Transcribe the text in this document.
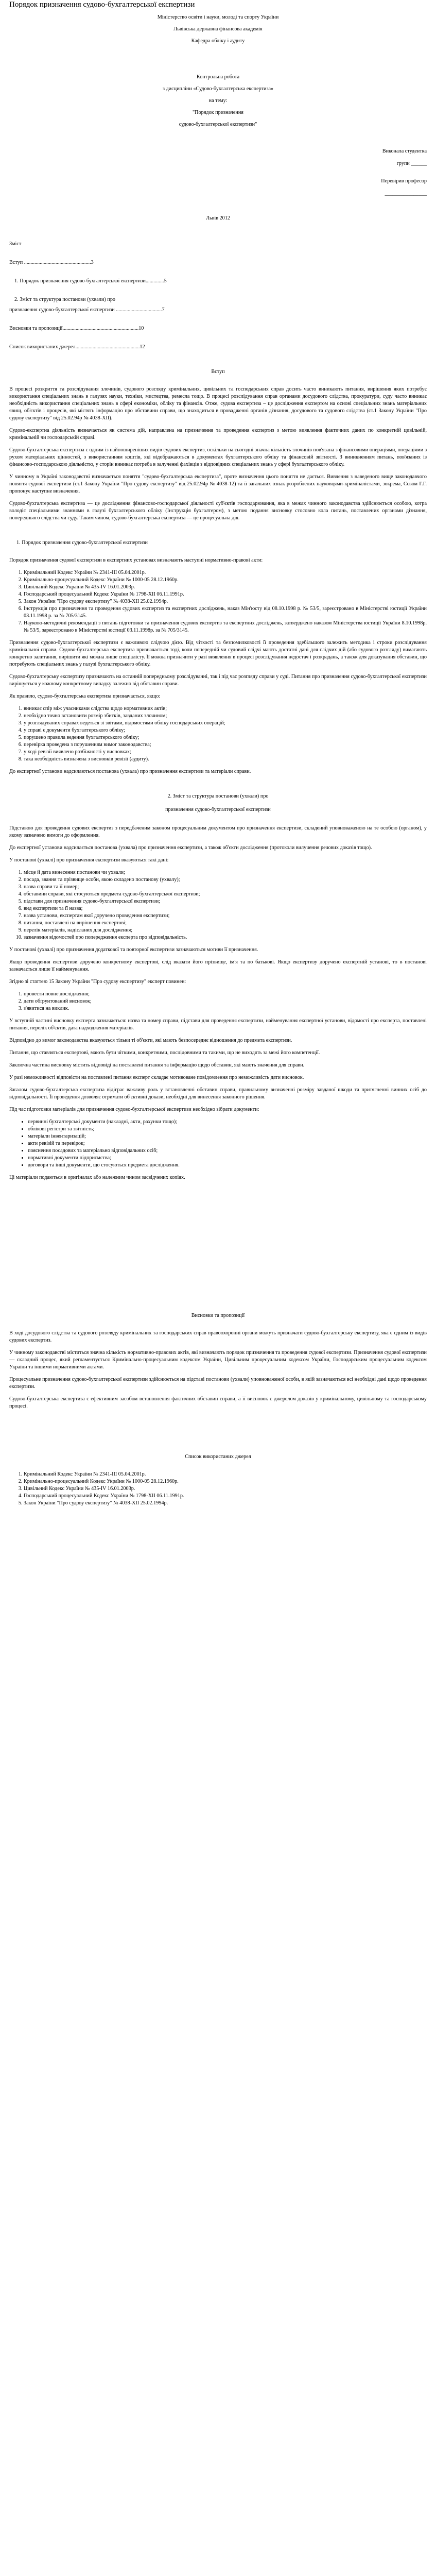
Порядок призначення судово-бухгалтерської експертизи

Міністерство освіти і науки, молоді та спорту України

Львівська державна фінансова академія

Кафедра обліку і аудиту

Контрольна робота

з дисципліни «Судово-бухгалтерська експертиза»

на тему:

"Порядок призначення

судово-бухгалтерської експертизи"

Виконала студентка

групи ______

Перевірив професор

________________

Львів 2012

Зміст

Вступ ...................................................3

1. Порядок призначення судово-бухгалтерської експертизи..............5

2. Зміст та структура постанови (ухвали) про

призначення судово-бухгалтерської експертизи ...................................7

Висновки та пропозиції..........................................................10

Список використаних джерел.................................................12

Вступ

В процесі розкриття та розслідування злочинів, судового розгляду кримінальних, цивільних та господарських справ досить часто виникають питання, вирішення яких потребує використання спеціальних знань в галузях науки, техніки, мистецтва, ремесла тощо. В процесі розслідування справ органами досудового слідства, прокуратури, суду часто виникає необхідність використання спеціальних знань в сфері економіки, обліку та фінансів. Отже, судова експертиза – це дослідження експертом на основі спеціальних знань матеріальних явищ, об'єктів і процесів, які містять інформацію про обставини справи, що знаходиться в провадженні органів дізнання, досудового та судового слідства (ст.1 Закону України "Про судову експертизу" від 25.02.94р № 4038-ХІІ).

Судово-експертна діяльність визначається як система дій, направлена на призначення та проведення експертиз з метою виявлення фактичних даних по конкретній цивільній, кримінальній чи господарській справі.

Судово-бухгалтерська експертиза є одним із найпоширеніших видів судових експертиз, оскільки на сьогодні значна кількість злочинів пов'язана з фінансовими операціями, операціями з рухом матеріальних цінностей, з використанням коштів, які відображаються в документах бухгалтерського обліку та фінансовій звітності. З виникненням питань, пов'язаних із фінансово-господарською діяльністю, у сторін виникає потреба в залученні фахівців з відповідних спеціальних знань у сфері бухгалтерського обліку.

У чинному в Україні законодавстві визначається поняття "судово-бухгалтерська експертиза", проте визначення цього поняття не дається. Вивчення з наведеного вище законодавчого поняття судової експертизи (ст.1 Закону України "Про судову експертизу" від 25.02.94р № 4038-12) та її загальних ознак розроблених науковцями-криміналістами, зокрема, Сєвом Г.Г. пропонує наступне визначення.

Судово-бухгалтерська експертиза — це дослідження фінансово-господарської діяльності суб'єктів господарювання, яка в межах чинного законодавства здійснюється особою, котра володіє спеціальними знаннями в галузі бухгалтерського обліку (Інструкція бухгалтером), з метою подання висновку стосовно кола питань, поставлених органами дізнання, попереднього слідства чи суду. Таким чином, судово-бухгалтерська експертиза — це процесуальна дія.

1. Порядок призначення судово-бухгалтерської експертизи

Порядок призначення судової експертизи в експертних установах визначають наступні нормативно-правові акти:

1. Кримінальний Кодекс України № 2341-III 05.04.2001р.
2. Кримінально-процесуальний Кодекс України № 1000-05 28.12.1960р.
3. Цивільний Кодекс України № 435-IV 16.01.2003р.
4. Господарський процесуальний Кодекс України № 1798-XII 06.11.1991р.
5. Закон України "Про судову експертизу" № 4038-XII 25.02.1994р.
6. Інструкція про призначення та проведення судових експертиз та експертних досліджень, наказ Мін'юсту від 08.10.1998 р. № 53/5, зареєстровано в Міністерстві юстиції України 03.11.1998 р. за № 705/3145.
7. Науково-методичні рекомендації з питань підготовки та призначення судових експертиз та експертних досліджень, затверджено наказом Міністерства юстиції України 8.10.1998р. № 53/5, зареєстровано в Міністерстві юстиції 03.11.1998р. за № 705/3145.

Призначення судово-бухгалтерської експертизи є важливою слідчою дією. Від чіткості та безпомилковості її проведення здебільшого залежить методика і строки розслідування кримінальної справи. Судово-бухгалтерська експертиза призначається тоді, коли попередній чи судовий слідчі мають достатні дані для слідчих дій (або судового розгляду) вимагають конкретно залитання, вирішити які можна лише спеціалісту. Її можна призначити у разі виявлення в процесі розслідування недостач і розкрадань, а також для доказування обставин, що потребують спеціальних знань у галузі бухгалтерського обліку.

Судово-бухгалтерську експертизу призначають на останній попередньому розслідуванні, так і під час розгляду справи у суді. Питання про призначення судово-бухгалтерської експертизи вирішується у кожному конкретному випадку залежно від обставин справи.

Як правило, судово-бухгалтерська експертиза призначається, якщо:

1. виникає спір між учасниками слідства щодо нормативних актів;
2. необхідно точно встановити розмір збитків, завданих злочином;
3. у розглядуваних справах ведеться зі звітами, відомостями обліку господарських операцій;
4. у справі є документи бухгалтерського обліку;
5. порушено правила ведення бухгалтерського обліку;
6. перевірка проведена з порушенням вимог законодавства;
7. у ході ревізії виявлено розбіжності у висновках;
8. така необхідність визначена з висновків ревізії (аудиту).

До експертної установи надсилаються постанова (ухвала) про призначення експертизи та матеріали справи.

2. Зміст та структура постанови (ухвали) про

призначення судово-бухгалтерської експертизи

Підставою для проведення судових експертиз з передбаченим законом процесуальним документом про призначення експертизи, складений уповноваженою на те особою (органом), у якому зазначено вимоги до оформлення.

До експертної установи надсилається постанова (ухвала) про призначення експертизи, а також об'єкти дослідження (протоколи вилучення речових доказів тощо).

У постанові (ухвалі) про призначення експертизи вказуються такі дані:

1. місце й дата винесення постанови чи ухвали;
2. посада, звання та прізвище особи, якою складено постанову (ухвалу);
3. назва справи та її номер;
4. обставини справи, які стосуються предмета судово-бухгалтерської експертизи;
5. підстави для призначення судово-бухгалтерської експертизи;
6. вид експертизи та її назва;
7. назва установи, експертам якої доручено проведення експертизи;
8. питання, поставлені на вирішення експертові;
9. перелік матеріалів, надісланих для дослідження;
10. зазначення відомостей про попередження експерта про відповідальність.

У постанові (ухвалі) про призначення додаткової та повторної експертизи зазначаються мотиви її призначення.

Якщо проведення експертизи доручено конкретному експертові, слід вказати його прізвище, ім'я та по батькові. Якщо експертизу доручено експертній установі, то в постанові зазначається лише її найменування.

Згідно зі статтею 15 Закону України "Про судову експертизу" експерт повинен:

1. провести повне дослідження;
2. дати обґрунтований висновок;
3. з'явитися на виклик.

У вступній частині висновку експерта зазначається: назва та номер справи, підстави для проведення експертизи, найменування експертної установи, відомості про експерта, поставлені питання, перелік об'єктів, дата надходження матеріалів.

Відповідно до вимог законодавства вказуються тільки ті об'єкти, які мають безпосереднє відношення до предмета експертизи.

Питання, що ставляться експертові, мають бути чіткими, конкретними, послідовними та такими, що не виходять за межі його компетенції.

Заключна частина висновку містить відповіді на поставлені питання та інформацію щодо обставин, які мають значення для справи.

У разі неможливості відповісти на поставлені питання експерт складає мотивоване повідомлення про неможливість дати висновок.

Загалом судово-бухгалтерська експертиза відіграє важливу роль у встановленні обставин справи, правильному визначенні розміру завданої шкоди та притягненні винних осіб до відповідальності. Її проведення дозволяє отримати об'єктивні докази, необхідні для винесення законного рішення.

Під час підготовки матеріалів для призначення судово-бухгалтерської експертизи необхідно зібрати документи:

• первинні бухгалтерські документи (накладні, акти, рахунки тощо);
• облікові регістри та звітність;
• матеріали інвентаризацій;
• акти ревізій та перевірок;
• пояснення посадових та матеріально відповідальних осіб;
• нормативні документи підприємства;
• договори та інші документи, що стосуються предмета дослідження.

Ці матеріали подаються в оригіналах або належним чином засвідчених копіях.

Висновки та пропозиції

В ході досудового слідства та судового розгляду кримінальних та господарських справ правоохоронні органи можуть призначати судово-бухгалтерську експертизу, яка є одним із видів судових експертиз.

У чинному законодавстві міститься значна кількість нормативно-правових актів, які визначають порядок призначення та проведення судової експертизи. Призначення судової експертизи — складний процес, який регламентується Кримінально-процесуальним кодексом України, Цивільним процесуальним кодексом України, Господарським процесуальним кодексом України та іншими нормативними актами.

Процесуальне призначення судово-бухгалтерської експертизи здійснюється на підставі постанови (ухвали) уповноваженої особи, в якій зазначаються всі необхідні дані щодо проведення експертизи.

Судово-бухгалтерська експертиза є ефективним засобом встановлення фактичних обставин справи, а її висновок є джерелом доказів у кримінальному, цивільному та господарському процесі.

Список використаних джерел

1. Кримінальний Кодекс України № 2341-III 05.04.2001р.
2. Кримінально-процесуальний Кодекс України № 1000-05 28.12.1960р.
3. Цивільний Кодекс України № 435-IV 16.01.2003р.
4. Господарський процесуальний Кодекс України № 1798-XII 06.11.1991р.
5. Закон України "Про судову експертизу" № 4038-XII 25.02.1994р.
